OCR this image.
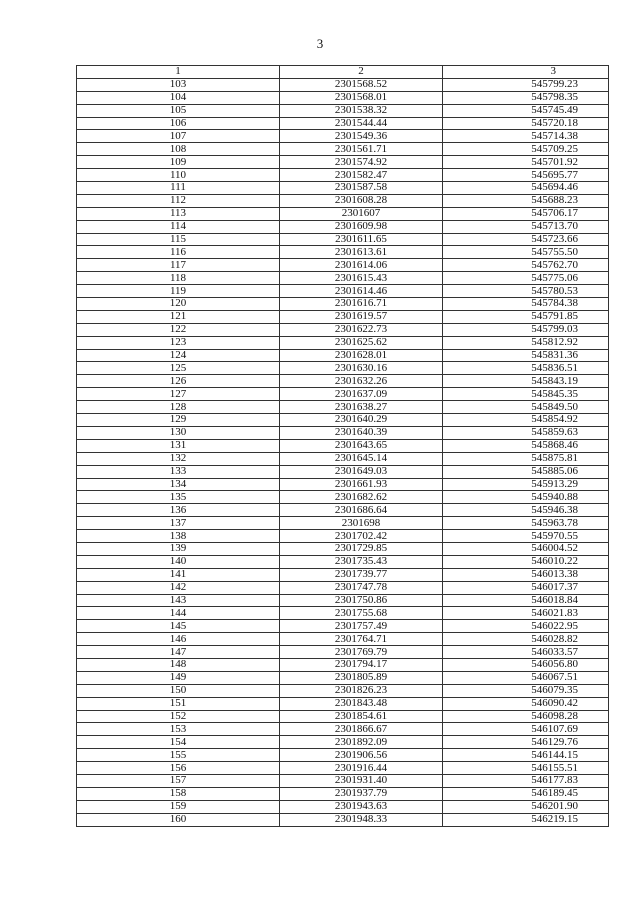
3
1	2	3
103	2301568.52	545799.23
104	2301568.01	545798.35
105	2301538.32	545745.49
106	2301544.44	545720.18
107	2301549.36	545714.38
108	2301561.71	545709.25
109	2301574.92	545701.92
110	2301582.47	545695.77
111	2301587.58	545694.46
112	2301608.28	545688.23
113	2301607	545706.17
114	2301609.98	545713.70
115	2301611.65	545723.66
116	2301613.61	545755.50
117	2301614.06	545762.70
118	2301615.43	545775.06
119	2301614.46	545780.53
120	2301616.71	545784.38
121	2301619.57	545791.85
122	2301622.73	545799.03
123	2301625.62	545812.92
124	2301628.01	545831.36
125	2301630.16	545836.51
126	2301632.26	545843.19
127	2301637.09	545845.35
128	2301638.27	545849.50
129	2301640.29	545854.92
130	2301640.39	545859.63
131	2301643.65	545868.46
132	2301645.14	545875.81
133	2301649.03	545885.06
134	2301661.93	545913.29
135	2301682.62	545940.88
136	2301686.64	545946.38
137	2301698	545963.78
138	2301702.42	545970.55
139	2301729.85	546004.52
140	2301735.43	546010.22
141	2301739.77	546013.38
142	2301747.78	546017.37
143	2301750.86	546018.84
144	2301755.68	546021.83
145	2301757.49	546022.95
146	2301764.71	546028.82
147	2301769.79	546033.57
148	2301794.17	546056.80
149	2301805.89	546067.51
150	2301826.23	546079.35
151	2301843.48	546090.42
152	2301854.61	546098.28
153	2301866.67	546107.69
154	2301892.09	546129.76
155	2301906.56	546144.15
156	2301916.44	546155.51
157	2301931.40	546177.83
158	2301937.79	546189.45
159	2301943.63	546201.90
160	2301948.33	546219.15
